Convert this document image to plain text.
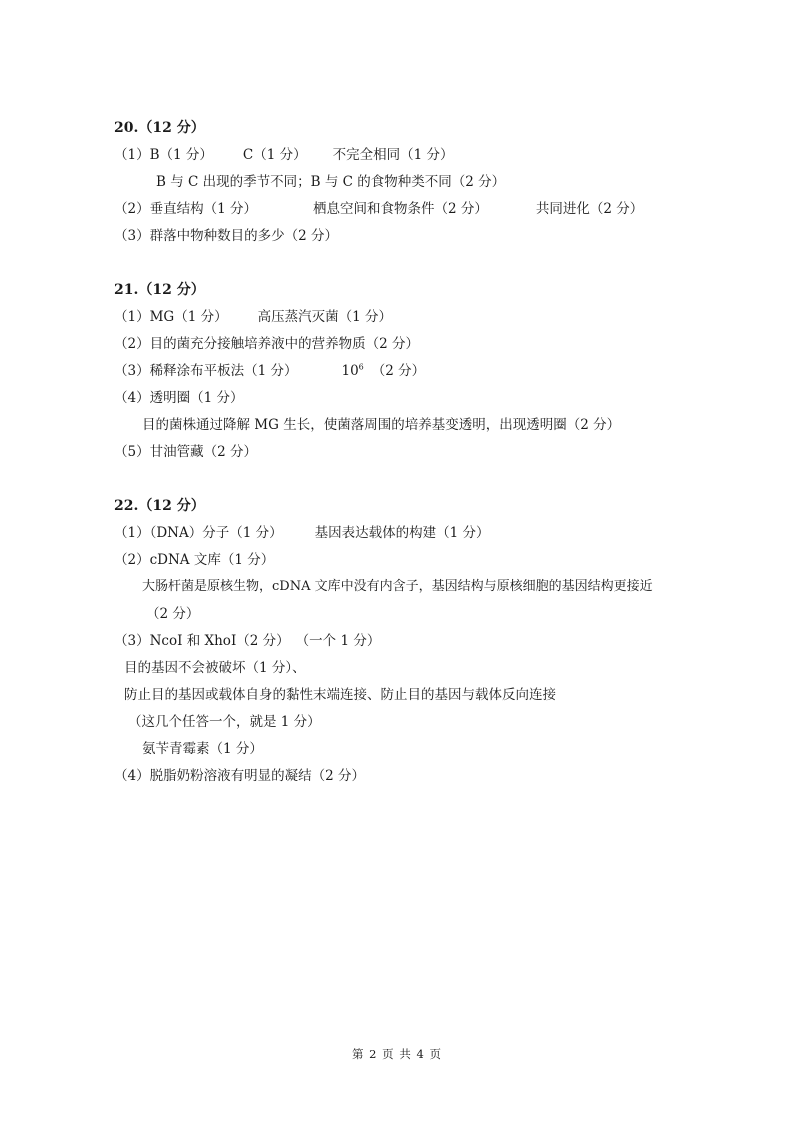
20.（12 分）
（1）B（1 分） C（1 分） 不完全相同（1 分）
B 与 C 出现的季节不同；B 与 C 的食物种类不同（2 分）
（2）垂直结构（1 分）	栖息空间和食物条件（2 分）	共同进化（2 分）
（3）群落中物种数目的多少（2 分）
21.（12 分）
（1）MG（1 分） 高压蒸汽灭菌（1 分）
（2）目的菌充分接触培养液中的营养物质（2 分）
（3）稀释涂布平板法（1 分）	$10^6$ （2 分）
（4）透明圈（1 分）
目的菌株通过降解 MG 生长，使菌落周围的培养基变透明，出现透明圈（2 分）
（5）甘油管藏（2 分）
22.（12 分）
（1）（DNA）分子（1 分） 基因表达载体的构建（1 分）
（2）cDNA 文库（1 分）
大肠杆菌是原核生物，cDNA 文库中没有内含子，基因结构与原核细胞的基因结构更接近
（2 分）
（3）NcoI 和 XhoI（2 分） （一个 1 分）
目的基因不会被破坏（1 分）、
防止目的基因或载体自身的黏性末端连接、防止目的基因与载体反向连接
（这几个任答一个，就是 1 分）
氨苄青霉素（1 分）
（4）脱脂奶粉溶液有明显的凝结（2 分）
第 2 页 共 4 页
